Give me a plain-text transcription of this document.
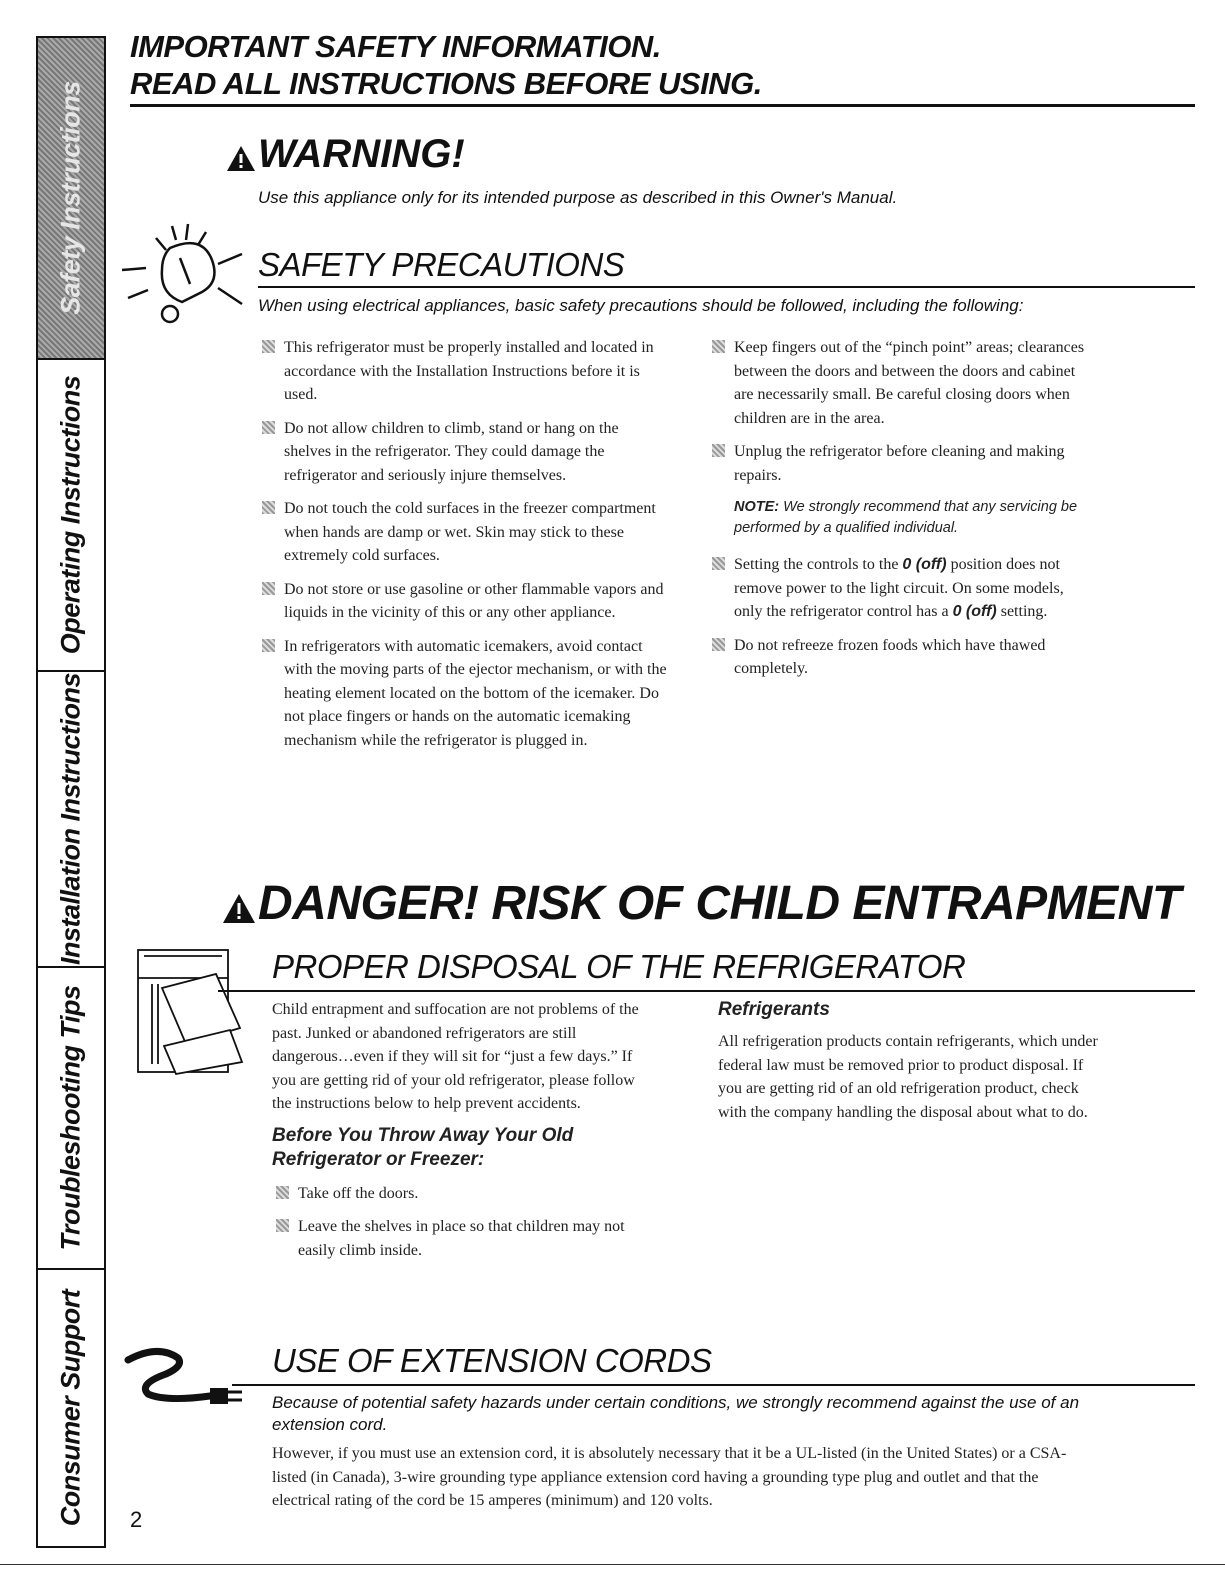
Safety Instructions
Operating Instructions
Installation Instructions
Troubleshooting Tips
Consumer Support
IMPORTANT SAFETY INFORMATION.
READ ALL INSTRUCTIONS BEFORE USING.
WARNING!
Use this appliance only for its intended purpose as described in this Owner's Manual.
SAFETY PRECAUTIONS
When using electrical appliances, basic safety precautions should be followed, including the following:

This refrigerator must be properly installed and located in accordance with the Installation Instructions before it is used.

Do not allow children to climb, stand or hang on the shelves in the refrigerator. They could damage the refrigerator and seriously injure themselves.

Do not touch the cold surfaces in the freezer compartment when hands are damp or wet. Skin may stick to these extremely cold surfaces.

Do not store or use gasoline or other flammable vapors and liquids in the vicinity of this or any other appliance.

In refrigerators with automatic icemakers, avoid contact with the moving parts of the ejector mechanism, or with the heating element located on the bottom of the icemaker. Do not place fingers or hands on the automatic icemaking mechanism while the refrigerator is plugged in.

Keep fingers out of the “pinch point” areas; clearances between the doors and between the doors and cabinet are necessarily small. Be careful closing doors when children are in the area.

Unplug the refrigerator before cleaning and making repairs.

NOTE: We strongly recommend that any servicing be performed by a qualified individual.

Setting the controls to the 0 (off) position does not remove power to the light circuit. On some models, only the refrigerator control has a 0 (off) setting.

Do not refreeze frozen foods which have thawed completely.

DANGER! RISK OF CHILD ENTRAPMENT
PROPER DISPOSAL OF THE REFRIGERATOR

Child entrapment and suffocation are not problems of the past. Junked or abandoned refrigerators are still dangerous…even if they will sit for “just a few days.” If you are getting rid of your old refrigerator, please follow the instructions below to help prevent accidents.

Before You Throw Away Your Old Refrigerator or Freezer:

Take off the doors.

Leave the shelves in place so that children may not easily climb inside.

Refrigerants

All refrigeration products contain refrigerants, which under federal law must be removed prior to product disposal. If you are getting rid of an old refrigeration product, check with the company handling the disposal about what to do.

USE OF EXTENSION CORDS
Because of potential safety hazards under certain conditions, we strongly recommend against the use of an extension cord.
However, if you must use an extension cord, it is absolutely necessary that it be a UL-listed (in the United States) or a CSA-listed (in Canada), 3-wire grounding type appliance extension cord having a grounding type plug and outlet and that the electrical rating of the cord be 15 amperes (minimum) and 120 volts.
2
